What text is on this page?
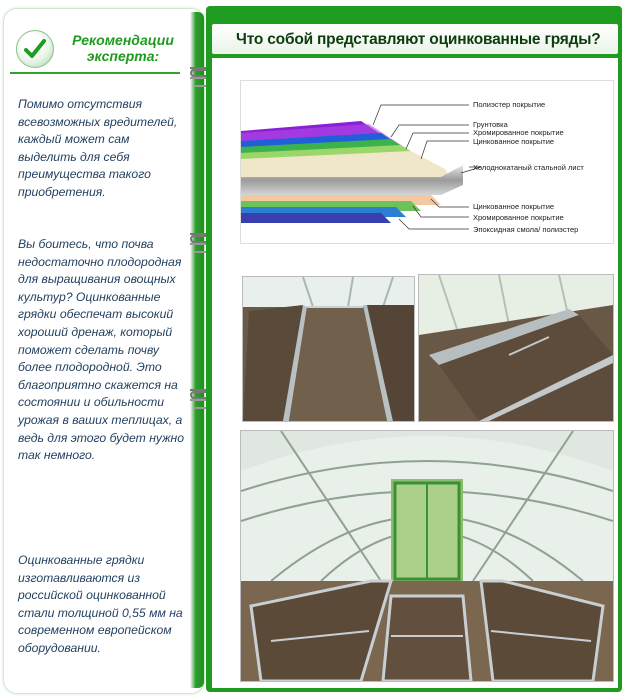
Рекомендации эксперта:
Помимо отсутствия всевозможных вредителей, каждый может сам выделить для себя преимущества такого приобретения.
Вы боитесь, что почва недостаточно плодородная для выращивания овощных культур? Оцинкованные грядки обеспечат высокий хороший дренаж, который поможет сделать почву более плодородной. Это благоприятно скажется на состоянии и обильности урожая в ваших теплицах, а ведь для этого будет нужно так немного.
Оцинкованные грядки изготавливаются из российской оцинкованной стали толщиной 0,55 мм на современном европейском оборудовании.
Что собой представляют оцинкованные гряды?
Полиэстер покрытие
Грунтовка
Хромированное покрытие
Цинкованное покрытие
Холоднокатаный стальной лист
Цинкованное покрытие
Хромированное покрытие
Эпоксидная смола/ полиэстер
